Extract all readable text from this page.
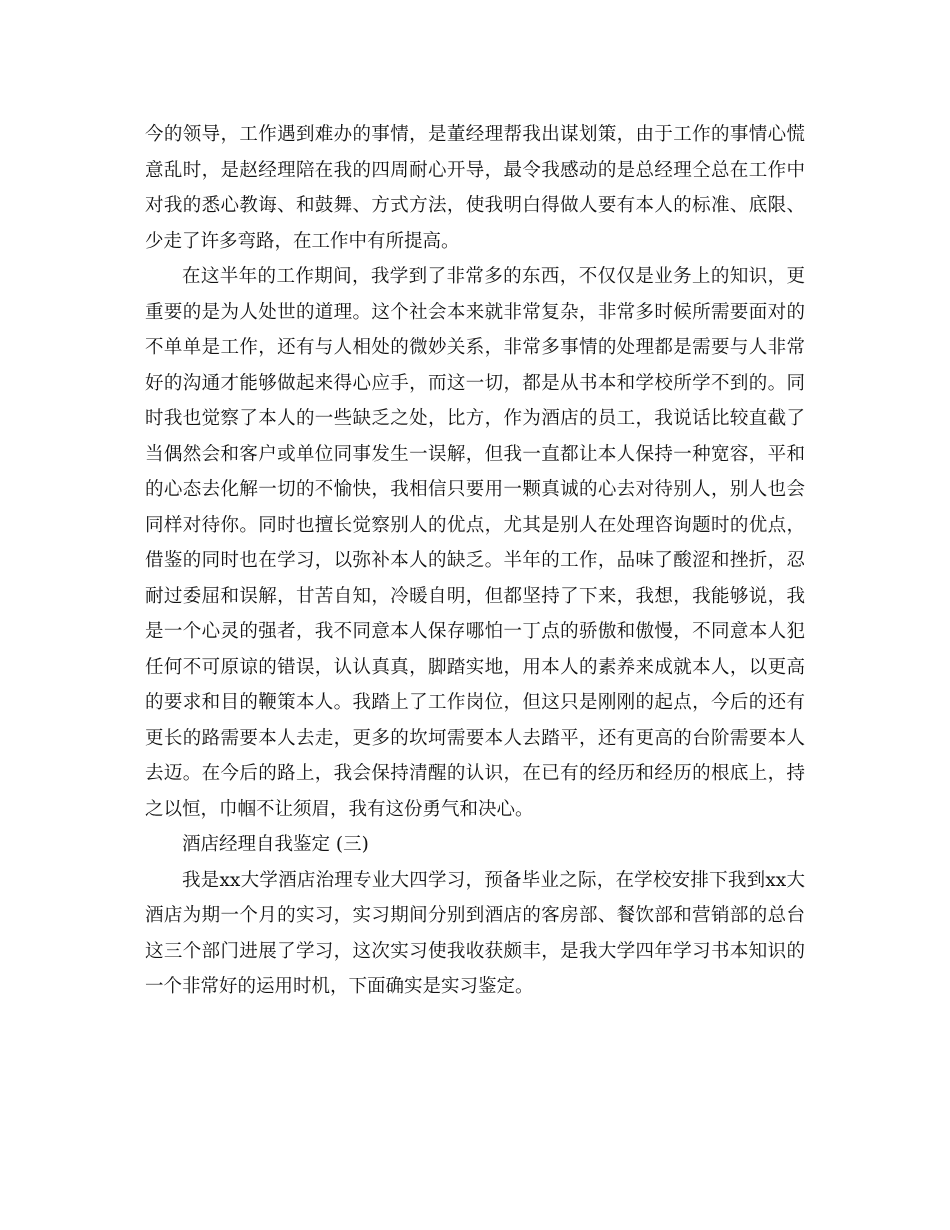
今的领导，工作遇到难办的事情，是董经理帮我出谋划策，由于工作的事情心慌意乱时，是赵经理陪在我的四周耐心开导，最令我感动的是总经理仝总在工作中对我的悉心教诲、和鼓舞、方式方法，使我明白得做人要有本人的标准、底限、少走了许多弯路，在工作中有所提高。

在这半年的工作期间，我学到了非常多的东西，不仅仅是业务上的知识，更重要的是为人处世的道理。这个社会本来就非常复杂，非常多时候所需要面对的不单单是工作，还有与人相处的微妙关系，非常多事情的处理都是需要与人非常好的沟通才能够做起来得心应手，而这一切，都是从书本和学校所学不到的。同时我也觉察了本人的一些缺乏之处，比方，作为酒店的员工，我说话比较直截了当偶然会和客户或单位同事发生一误解，但我一直都让本人保持一种宽容，平和的心态去化解一切的不愉快，我相信只要用一颗真诚的心去对待别人，别人也会同样对待你。同时也擅长觉察别人的优点，尤其是别人在处理咨询题时的优点，借鉴的同时也在学习，以弥补本人的缺乏。半年的工作，品味了酸涩和挫折，忍耐过委屈和误解，甘苦自知，冷暖自明，但都坚持了下来，我想，我能够说，我是一个心灵的强者，我不同意本人保存哪怕一丁点的骄傲和傲慢，不同意本人犯任何不可原谅的错误，认认真真，脚踏实地，用本人的素养来成就本人，以更高的要求和目的鞭策本人。我踏上了工作岗位，但这只是刚刚的起点，今后的还有更长的路需要本人去走，更多的坎坷需要本人去踏平，还有更高的台阶需要本人去迈。在今后的路上，我会保持清醒的认识，在已有的经历和经历的根底上，持之以恒，巾帼不让须眉，我有这份勇气和决心。

酒店经理自我鉴定 (三)

我是xx大学酒店治理专业大四学习，预备毕业之际，在学校安排下我到xx大酒店为期一个月的实习，实习期间分别到酒店的客房部、餐饮部和营销部的总台这三个部门进展了学习，这次实习使我收获颇丰，是我大学四年学习书本知识的一个非常好的运用时机，下面确实是实习鉴定。
